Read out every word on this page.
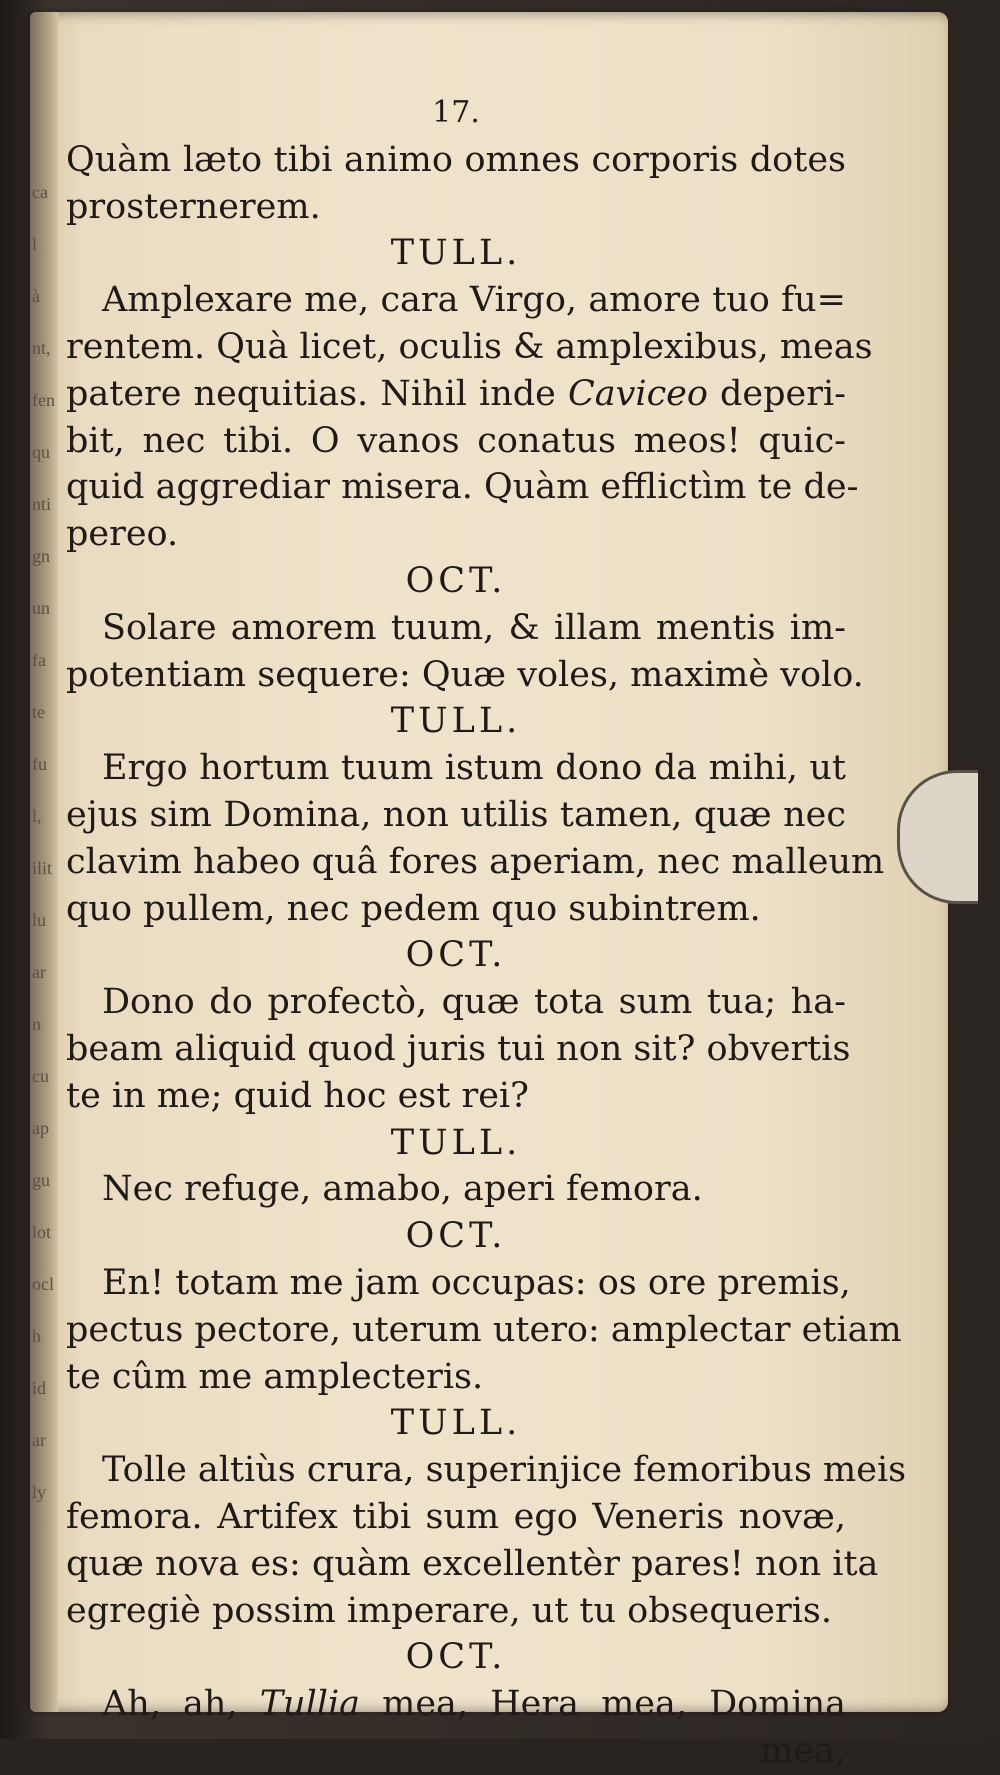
ca
l
à
nt,
fen
qu
nti
gn
un
fa
te
fu
l,
ilit
lu
ar
n
cu
ap
gu
lot
ocl
h
id
ar
ly
17.
Quàm læto tibi animo omnes corporis dotes
prosternerem.
TULL.
Amplexare me, cara Virgo, amore tuo fu=
rentem. Quà licet, oculis & amplexibus, meas
patere nequitias. Nihil inde Caviceo deperi-
bit, nec tibi. O vanos conatus meos! quic-
quid aggrediar misera. Quàm efflictìm te de-
pereo.
OCT.
Solare amorem tuum, & illam mentis im-
potentiam sequere: Quæ voles, maximè volo.
TULL.
Ergo hortum tuum istum dono da mihi, ut
ejus sim Domina, non utilis tamen, quæ nec
clavim habeo quâ fores aperiam, nec malleum
quo pullem, nec pedem quo subintrem.
OCT.
Dono do profectò, quæ tota sum tua; ha-
beam aliquid quod juris tui non sit? obvertis
te in me; quid hoc est rei?
TULL.
Nec refuge, amabo, aperi femora.
OCT.
En! totam me jam occupas: os ore premis,
pectus pectore, uterum utero: amplectar etiam
te cûm me amplecteris.
TULL.
Tolle altiùs crura, superinjice femoribus meis
femora. Artifex tibi sum ego Veneris novæ,
quæ nova es: quàm excellentèr pares! non ita
egregiè possim imperare, ut tu obsequeris.
OCT.
Ah, ah, Tullia mea, Hera mea, Domina
mea,
